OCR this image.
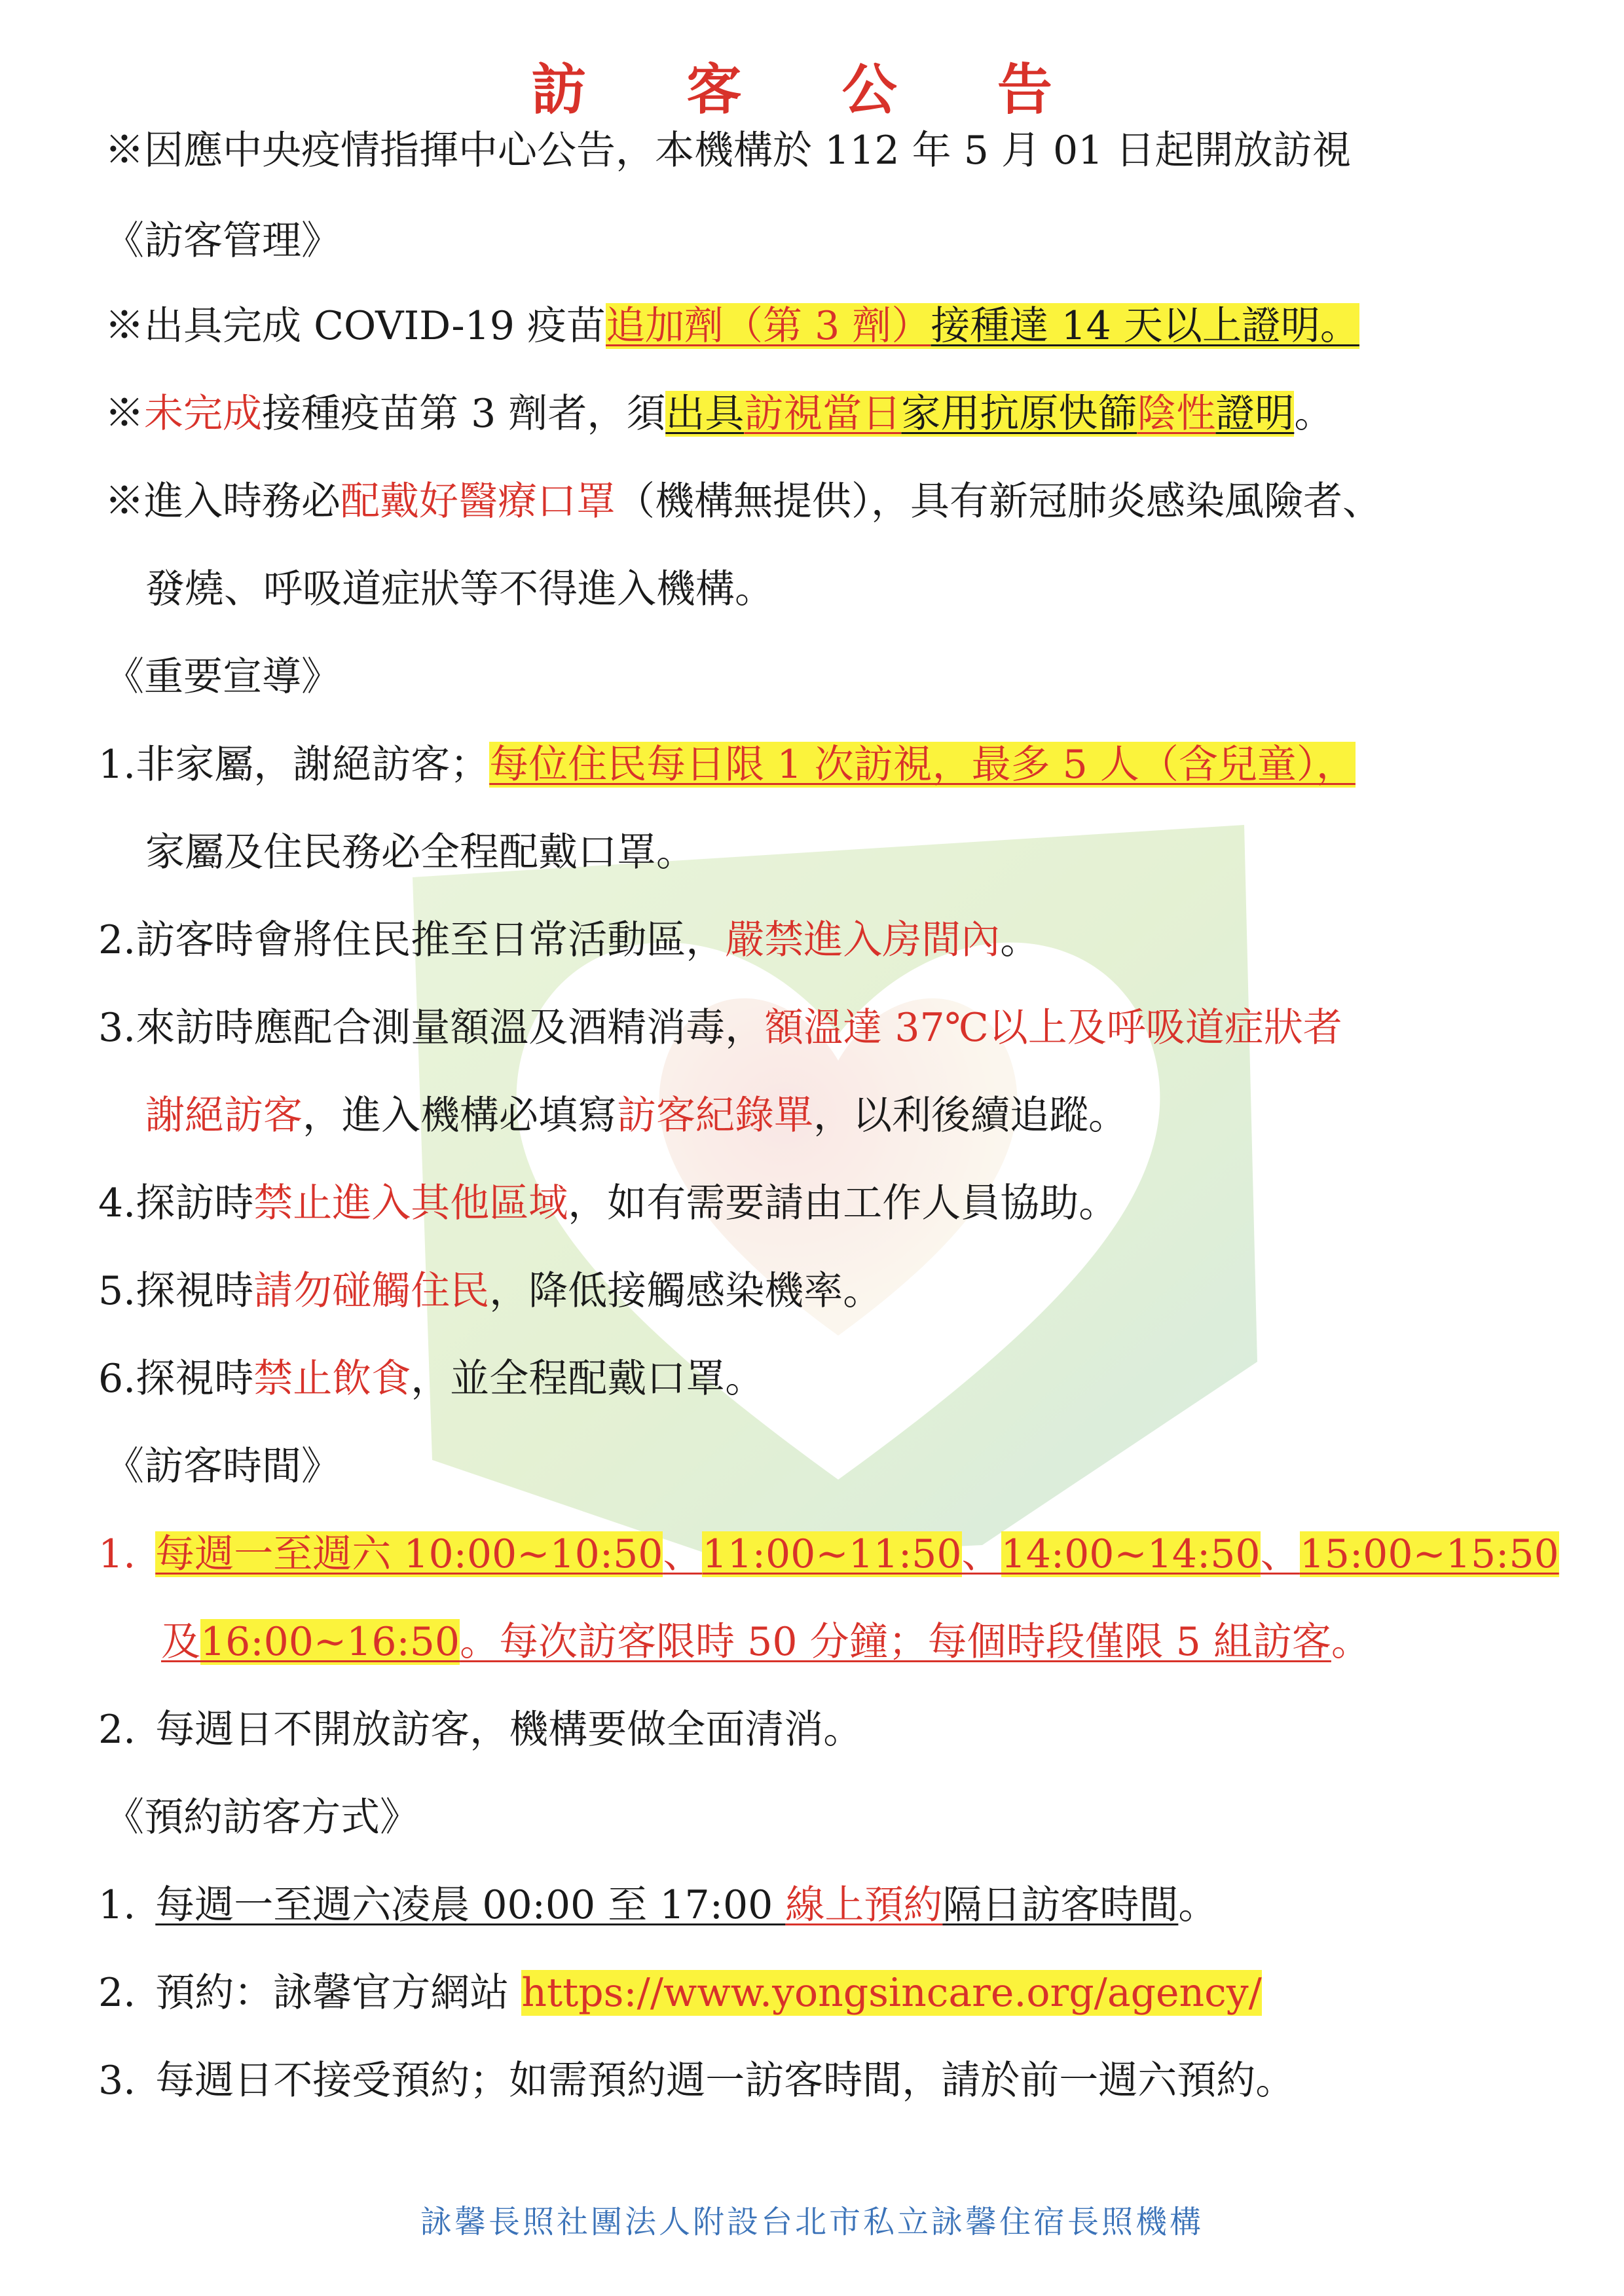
訪 客 公 告
※因應中央疫情指揮中心公告，本機構於 112 年 5 月 01 日起開放訪視
《訪客管理》
※出具完成 COVID-19 疫苗追加劑（第 3 劑）接種達 14 天以上證明。
※未完成接種疫苗第 3 劑者，須出具訪視當日家用抗原快篩陰性證明。
※進入時務必配戴好醫療口罩（機構無提供），具有新冠肺炎感染風險者、
發燒、呼吸道症狀等不得進入機構。
《重要宣導》
1.非家屬，謝絕訪客；每位住民每日限 1 次訪視，最多 5 人（含兒童），
家屬及住民務必全程配戴口罩。
2.訪客時會將住民推至日常活動區，嚴禁進入房間內。
3.來訪時應配合測量額溫及酒精消毒，額溫達 37℃以上及呼吸道症狀者
謝絕訪客，進入機構必填寫訪客紀錄單，以利後續追蹤。
4.探訪時禁止進入其他區域，如有需要請由工作人員協助。
5.探視時請勿碰觸住民，降低接觸感染機率。
6.探視時禁止飲食，並全程配戴口罩。
《訪客時間》
1. 每週一至週六 10:00~10:50、11:00~11:50、14:00~14:50、15:00~15:50
及16:00~16:50。每次訪客限時 50 分鐘；每個時段僅限 5 組訪客。
2. 每週日不開放訪客，機構要做全面清消。
《預約訪客方式》
1. 每週一至週六凌晨 00:00 至 17:00 線上預約隔日訪客時間。
2. 預約：詠馨官方網站 https://www.yongsincare.org/agency/
3. 每週日不接受預約；如需預約週一訪客時間，請於前一週六預約。
詠馨長照社團法人附設台北市私立詠馨住宿長照機構
